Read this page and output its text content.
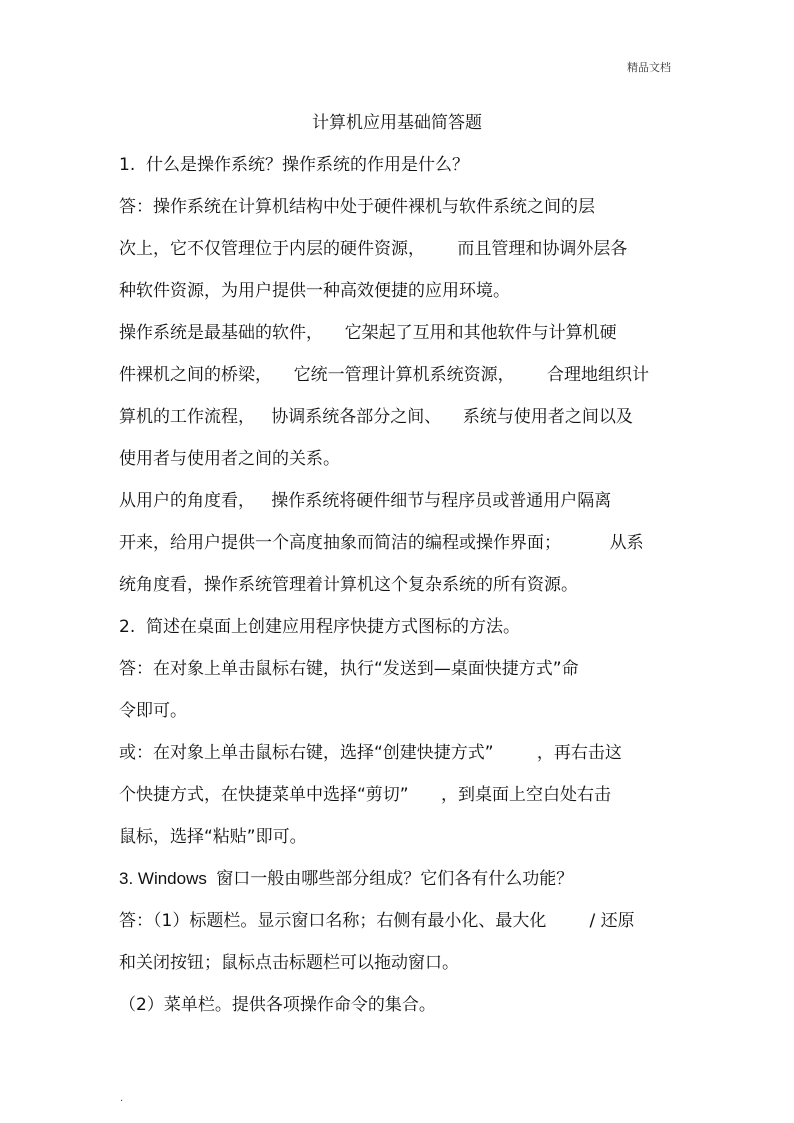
精品文档
计算机应用基础简答题
1.  什么是操作系统？操作系统的作用是什么？
答：操作系统在计算机结构中处于硬件裸机与软件系统之间的层
次上，它不仅管理位于内层的硬件资源，      而且管理和协调外层各
种软件资源，为用户提供一种高效便捷的应用环境。
操作系统是最基础的软件，    它架起了互用和其他软件与计算机硬
件裸机之间的桥梁，    它统一管理计算机系统资源，      合理地组织计
算机的工作流程，   协调系统各部分之间、    系统与使用者之间以及
使用者与使用者之间的关系。
从用户的角度看，   操作系统将硬件细节与程序员或普通用户隔离
开来，给用户提供一个高度抽象而简洁的编程或操作界面；         从系
统角度看，操作系统管理着计算机这个复杂系统的所有资源。
2.  简述在桌面上创建应用程序快捷方式图标的方法。
答：在对象上单击鼠标右键，执行“发送到—桌面快捷方式”命
令即可。
或：在对象上单击鼠标右键，选择“创建快捷方式”        ，再右击这
个快捷方式，在快捷菜单中选择“剪切”      ，到桌面上空白处右击
鼠标，选择“粘贴”即可。
3. Windows  窗口一般由哪些部分组成？它们各有什么功能？
答：（1）标题栏。显示窗口名称；右侧有最小化、最大化        / 还原
和关闭按钮；鼠标点击标题栏可以拖动窗口。
（2）菜单栏。提供各项操作命令的集合。
.
